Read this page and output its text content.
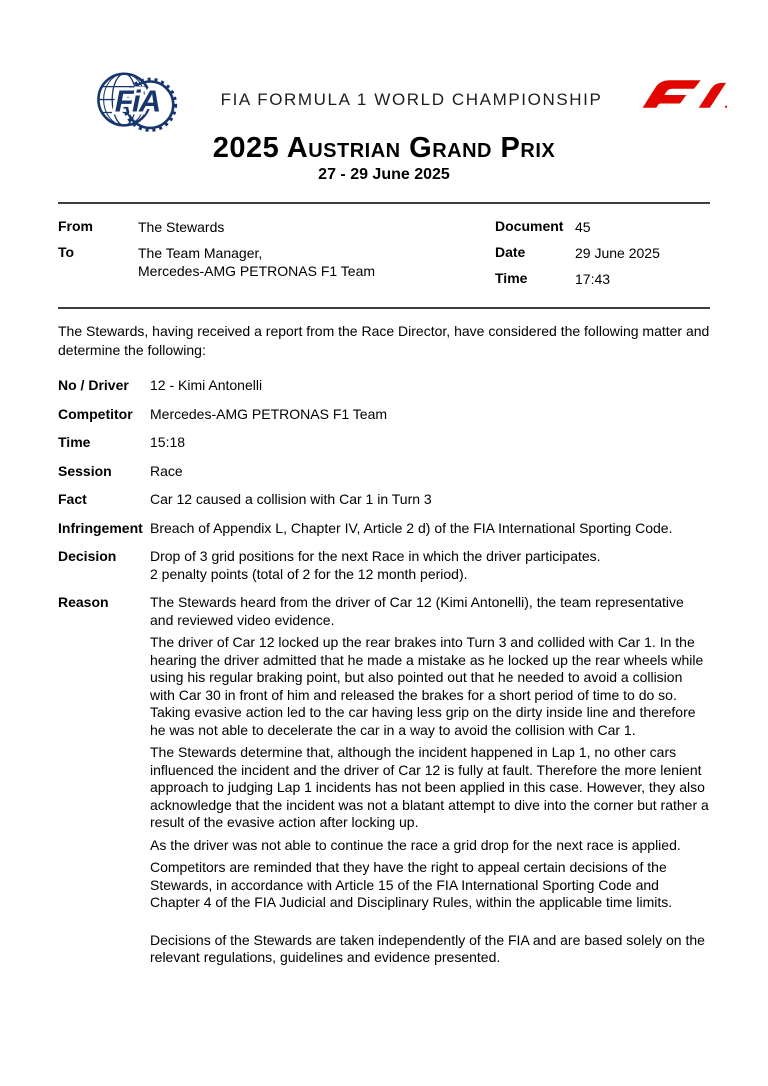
FiA	FIA FORMULA 1 WORLD CHAMPIONSHIP
2025 Austrian Grand Prix
27 - 29 June 2025
From	The Stewards
To	The Team Manager,
Mercedes-AMG PETRONAS F1 Team
Document 45
Date	29 June 2025
Time	17:43

The Stewards, having received a report from the Race Director, have considered the following matter and determine the following:

No / Driver	12 - Kimi Antonelli
Competitor	Mercedes-AMG PETRONAS F1 Team
Time	15:18
Session	Race
Fact	Car 12 caused a collision with Car 1 in Turn 3
Infringement Breach of Appendix L, Chapter IV, Article 2 d) of the FIA International Sporting Code.
Decision	Drop of 3 grid positions for the next Race in which the driver participates.
2 penalty points (total of 2 for the 12 month period).
Reason	The Stewards heard from the driver of Car 12 (Kimi Antonelli), the team representative and reviewed video evidence.

The driver of Car 12 locked up the rear brakes into Turn 3 and collided with Car 1. In the hearing the driver admitted that he made a mistake as he locked up the rear wheels while using his regular braking point, but also pointed out that he needed to avoid a collision with Car 30 in front of him and released the brakes for a short period of time to do so. Taking evasive action led to the car having less grip on the dirty inside line and therefore he was not able to decelerate the car in a way to avoid the collision with Car 1.

The Stewards determine that, although the incident happened in Lap 1, no other cars influenced the incident and the driver of Car 12 is fully at fault. Therefore the more lenient approach to judging Lap 1 incidents has not been applied in this case. However, they also acknowledge that the incident was not a blatant attempt to dive into the corner but rather a result of the evasive action after locking up.

As the driver was not able to continue the race a grid drop for the next race is applied.

Competitors are reminded that they have the right to appeal certain decisions of the Stewards, in accordance with Article 15 of the FIA International Sporting Code and Chapter 4 of the FIA Judicial and Disciplinary Rules, within the applicable time limits.

Decisions of the Stewards are taken independently of the FIA and are based solely on the relevant regulations, guidelines and evidence presented.
